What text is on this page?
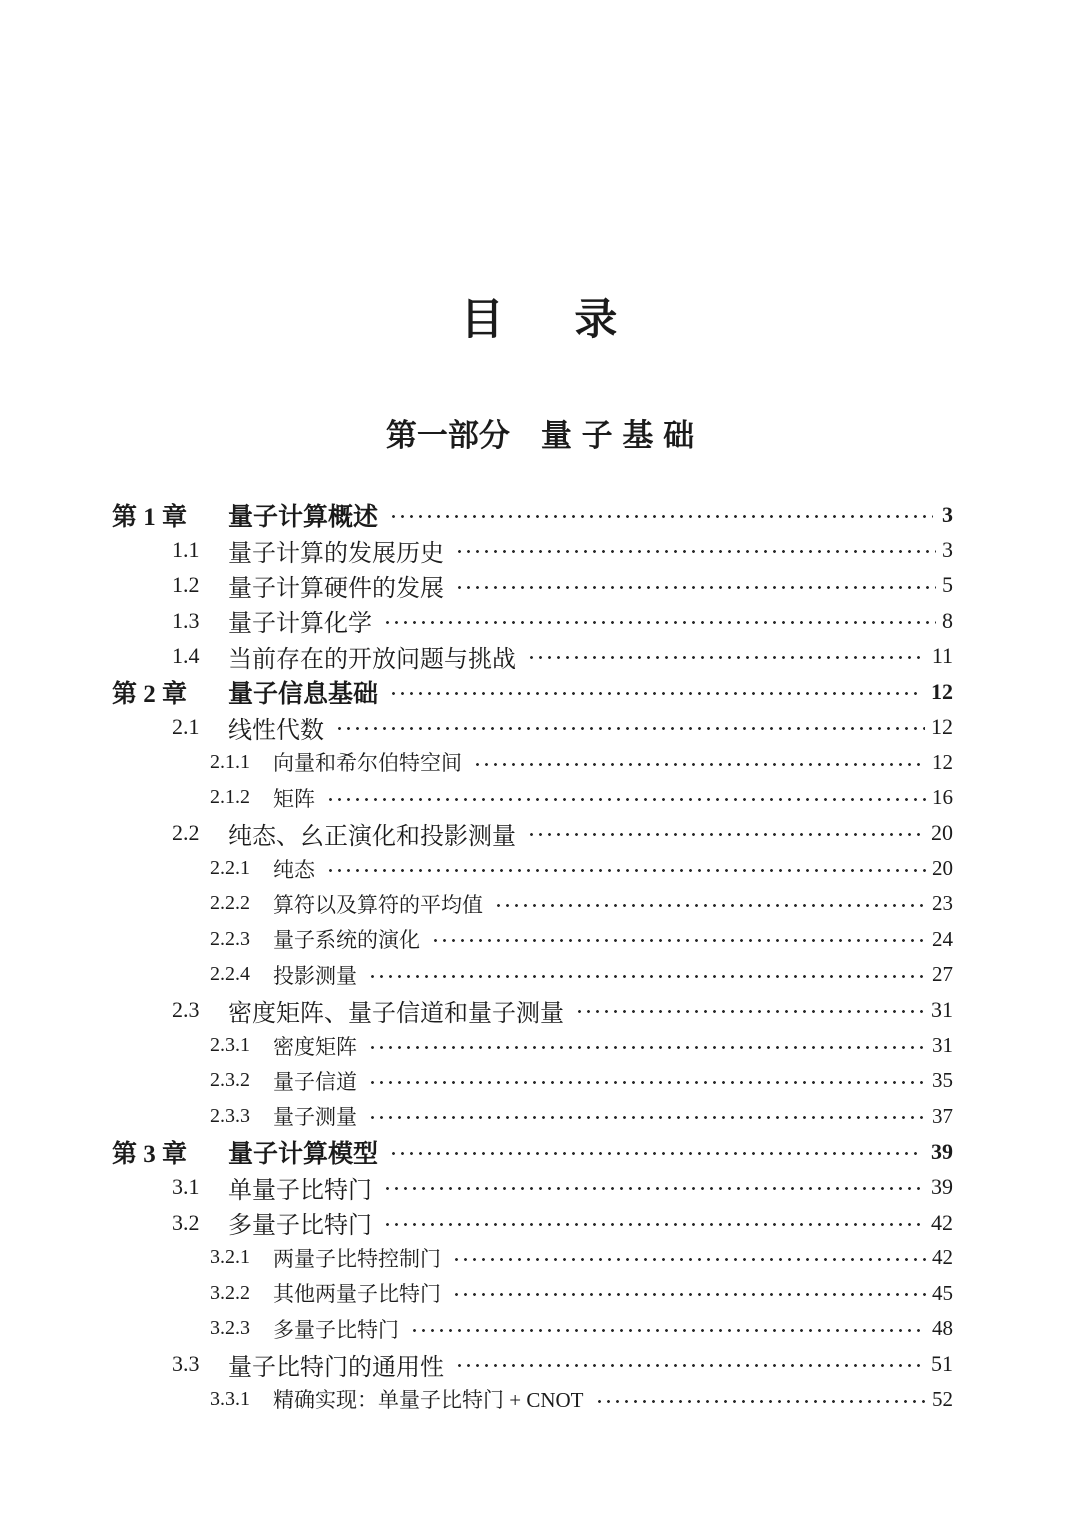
目 录
第一部分　量 子 基 础
第 1 章	量子计算概述	3
1.1	量子计算的发展历史	3
1.2	量子计算硬件的发展	5
1.3	量子计算化学	8
1.4	当前存在的开放问题与挑战	11
第 2 章	量子信息基础	12
2.1	线性代数	12
2.1.1	向量和希尔伯特空间	12
2.1.2	矩阵	16
2.2	纯态、幺正演化和投影测量	20
2.2.1	纯态	20
2.2.2	算符以及算符的平均值	23
2.2.3	量子系统的演化	24
2.2.4	投影测量	27
2.3	密度矩阵、量子信道和量子测量	31
2.3.1	密度矩阵	31
2.3.2	量子信道	35
2.3.3	量子测量	37
第 3 章	量子计算模型	39
3.1	单量子比特门	39
3.2	多量子比特门	42
3.2.1	两量子比特控制门	42
3.2.2	其他两量子比特门	45
3.2.3	多量子比特门	48
3.3	量子比特门的通用性	51
3.3.1	精确实现：单量子比特门 + CNOT	52
